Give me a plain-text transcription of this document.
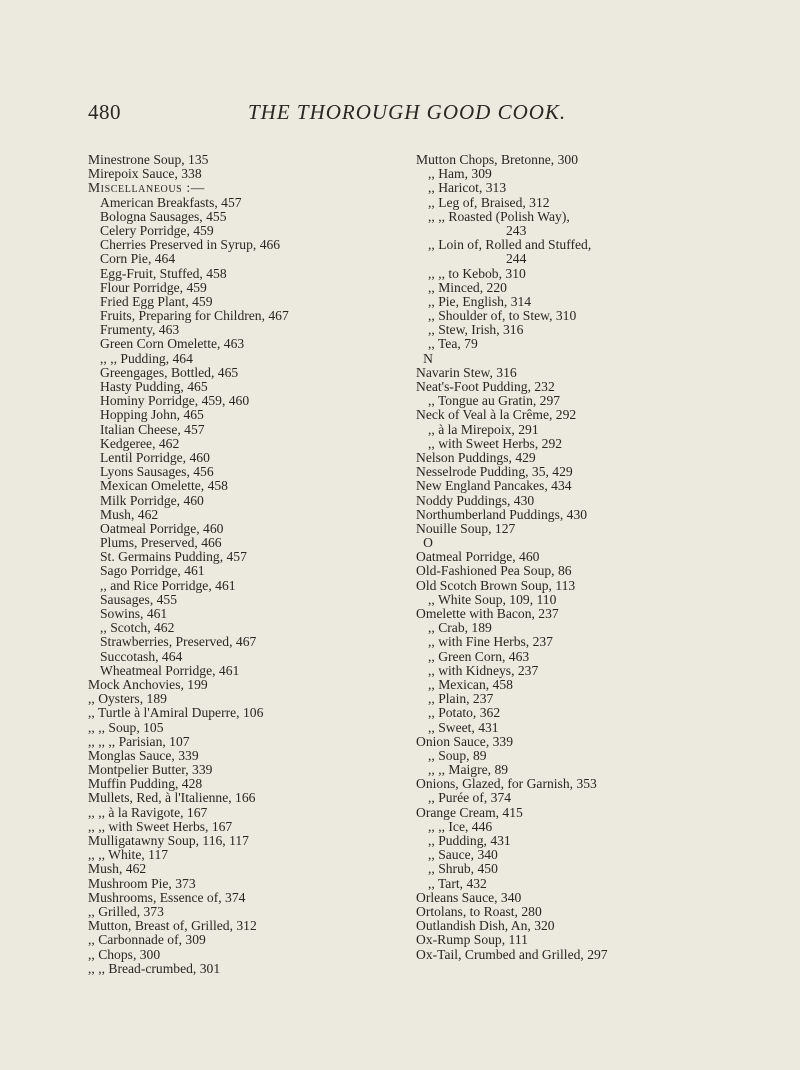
480	THE THOROUGH GOOD COOK.
Minestrone Soup, 135
Mirepoix Sauce, 338
Miscellaneous :—
American Breakfasts, 457
Bologna Sausages, 455
Celery Porridge, 459
Cherries Preserved in Syrup, 466
Corn Pie, 464
Egg-Fruit, Stuffed, 458
Flour Porridge, 459
Fried Egg Plant, 459
Fruits, Preparing for Children, 467
Frumenty, 463
Green Corn Omelette, 463
,, ,, Pudding, 464
Greengages, Bottled, 465
Hasty Pudding, 465
Hominy Porridge, 459, 460
Hopping John, 465
Italian Cheese, 457
Kedgeree, 462
Lentil Porridge, 460
Lyons Sausages, 456
Mexican Omelette, 458
Milk Porridge, 460
Mush, 462
Oatmeal Porridge, 460
Plums, Preserved, 466
St. Germains Pudding, 457
Sago Porridge, 461
,, and Rice Porridge, 461
Sausages, 455
Sowins, 461
,, Scotch, 462
Strawberries, Preserved, 467
Succotash, 464
Wheatmeal Porridge, 461
Mock Anchovies, 199
,, Oysters, 189
,, Turtle à l'Amiral Duperre, 106
,, ,, Soup, 105
,, ,, ,, Parisian, 107
Monglas Sauce, 339
Montpelier Butter, 339
Muffin Pudding, 428
Mullets, Red, à l'Italienne, 166
,, ,, à la Ravigote, 167
,, ,, with Sweet Herbs, 167
Mulligatawny Soup, 116, 117
,, ,, White, 117
Mush, 462
Mushroom Pie, 373
Mushrooms, Essence of, 374
,, Grilled, 373
Mutton, Breast of, Grilled, 312
,, Carbonnade of, 309
,, Chops, 300
,, ,, Bread-crumbed, 301
Mutton Chops, Bretonne, 300
,, Ham, 309
,, Haricot, 313
,, Leg of, Braised, 312
,, ,, Roasted (Polish Way),
243
,, Loin of, Rolled and Stuffed,
244
,, ,, to Kebob, 310
,, Minced, 220
,, Pie, English, 314
,, Shoulder of, to Stew, 310
,, Stew, Irish, 316
,, Tea, 79
N
Navarin Stew, 316
Neat's-Foot Pudding, 232
,, Tongue au Gratin, 297
Neck of Veal à la Crême, 292
,, à la Mirepoix, 291
,, with Sweet Herbs, 292
Nelson Puddings, 429
Nesselrode Pudding, 35, 429
New England Pancakes, 434
Noddy Puddings, 430
Northumberland Puddings, 430
Nouille Soup, 127
O
Oatmeal Porridge, 460
Old-Fashioned Pea Soup, 86
Old Scotch Brown Soup, 113
,, White Soup, 109, 110
Omelette with Bacon, 237
,, Crab, 189
,, with Fine Herbs, 237
,, Green Corn, 463
,, with Kidneys, 237
,, Mexican, 458
,, Plain, 237
,, Potato, 362
,, Sweet, 431
Onion Sauce, 339
,, Soup, 89
,, ,, Maigre, 89
Onions, Glazed, for Garnish, 353
,, Purée of, 374
Orange Cream, 415
,, ,, Ice, 446
,, Pudding, 431
,, Sauce, 340
,, Shrub, 450
,, Tart, 432
Orleans Sauce, 340
Ortolans, to Roast, 280
Outlandish Dish, An, 320
Ox-Rump Soup, 111
Ox-Tail, Crumbed and Grilled, 297
